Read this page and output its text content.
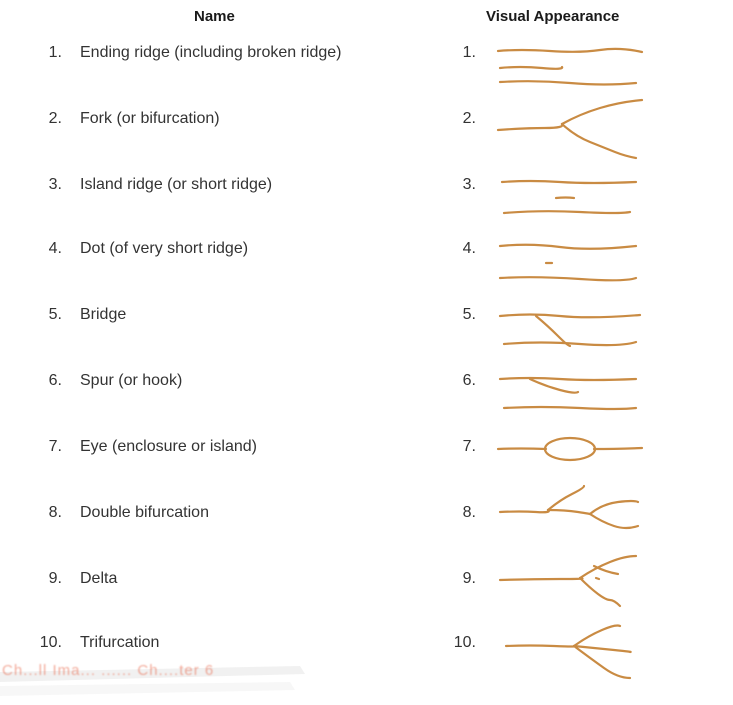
Name	Visual Appearance
1. Ending ridge (including broken ridge)	1.
2. Fork (or bifurcation)	2.
3. Island ridge (or short ridge)	3.
4. Dot (of very short ridge)	4.
5. Bridge	5.
6. Spur (or hook)	6.
7. Eye (enclosure or island)	7.
8. Double bifurcation	8.
9. Delta	9.
10. Trifurcation	10.
Ch...ll Ima... ...... Ch....ter 6
